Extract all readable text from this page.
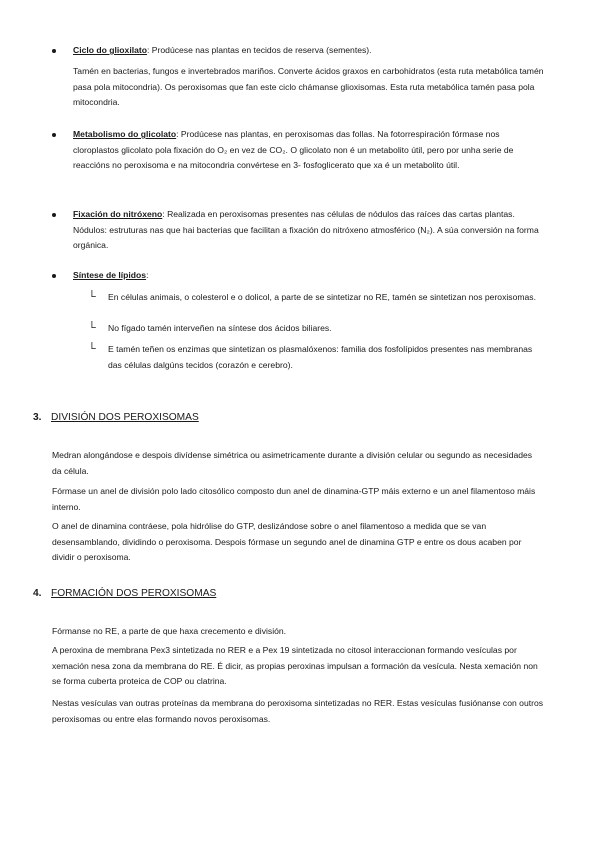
Ciclo do glioxilato: Prodúcese nas plantas en tecidos de reserva (sementes).
Tamén en bacterias, fungos e invertebrados mariños. Converte ácidos graxos en carbohidratos (esta ruta metabólica tamén pasa pola mitocondria). Os peroxisomas que fan este ciclo chámanse glioxisomas. Esta ruta metabólica tamén pasa pola mitocondria.
Metabolismo do glicolato: Prodúcese nas plantas, en peroxisomas das follas. Na fotorrespiración fórmase nos cloroplastos glicolato pola fixación do O₂ en vez de CO₂. O glicolato non é un metabolito útil, pero por unha serie de reaccións no peroxisoma e na mitocondria convértese en 3- fosfoglicerato que xa é un metabolito útil.
Fixación do nitróxeno: Realizada en peroxisomas presentes nas células de nódulos das raíces das cartas plantas. Nódulos: estruturas nas que hai bacterias que facilitan a fixación do nitróxeno atmosférico (N₂). A súa conversión na forma orgánica.
Síntese de lípidos:
└ En células animais, o colesterol e o dolicol, a parte de se sintetizar no RE, tamén se sintetizan nos peroxisomas.
└ No fígado tamén interveñen na síntese dos ácidos biliares.
└ E tamén teñen os enzimas que sintetizan os plasmalóxenos: familia dos fosfolípidos presentes nas membranas das células dalgúns tecidos (corazón e cerebro).
3. DIVISIÓN DOS PEROXISOMAS
Medran alongándose e despois divídense simétrica ou asimetricamente durante a división celular ou segundo as necesidades da célula.
Fórmase un anel de división polo lado citosólico composto dun anel de dinamina-GTP máis externo e un anel filamentoso máis interno.
O anel de dinamina contráese, pola hidrólise do GTP, deslizándose sobre o anel filamentoso a medida que se van desensamblando, dividindo o peroxisoma. Despois fórmase un segundo anel de dinamina GTP e entre os dous acaben por dividir o peroxisoma.
4. FORMACIÓN DOS PEROXISOMAS
Fórmanse no RE, a parte de que haxa crecemento e división.
A peroxina de membrana Pex3 sintetizada no RER e a Pex 19 sintetizada no citosol interaccionan formando vesículas por xemación nesa zona da membrana do RE. É dicir, as propias peroxinas impulsan a formación da vesícula. Nesta xemación non se forma cuberta proteica de COP ou clatrina.
Nestas vesículas van outras proteínas da membrana do peroxisoma sintetizadas no RER. Estas vesículas fusiónanse con outros peroxisomas ou entre elas formando novos peroxisomas.
